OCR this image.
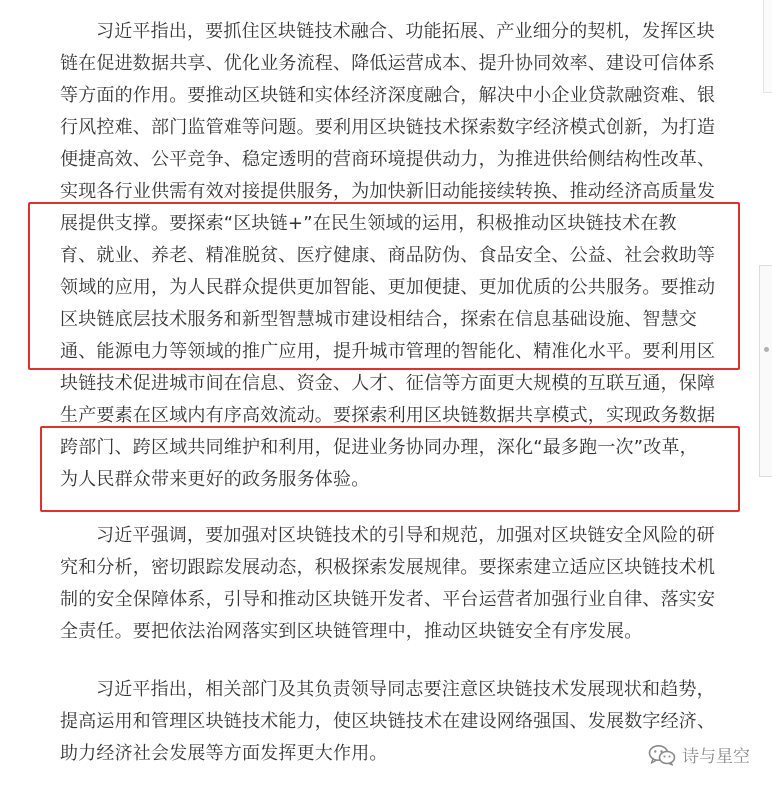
习近平指出，要抓住区块链技术融合、功能拓展、产业细分的契机，发挥区块
链在促进数据共享、优化业务流程、降低运营成本、提升协同效率、建设可信体系
等方面的作用。要推动区块链和实体经济深度融合，解决中小企业贷款融资难、银
行风控难、部门监管难等问题。要利用区块链技术探索数字经济模式创新，为打造
便捷高效、公平竞争、稳定透明的营商环境提供动力，为推进供给侧结构性改革、
实现各行业供需有效对接提供服务，为加快新旧动能接续转换、推动经济高质量发
展提供支撑。要探索“区块链+”在民生领域的运用，积极推动区块链技术在教
育、就业、养老、精准脱贫、医疗健康、商品防伪、食品安全、公益、社会救助等
领域的应用，为人民群众提供更加智能、更加便捷、更加优质的公共服务。要推动
区块链底层技术服务和新型智慧城市建设相结合，探索在信息基础设施、智慧交
通、能源电力等领域的推广应用，提升城市管理的智能化、精准化水平。要利用区
块链技术促进城市间在信息、资金、人才、征信等方面更大规模的互联互通，保障
生产要素在区域内有序高效流动。要探索利用区块链数据共享模式，实现政务数据
跨部门、跨区域共同维护和利用，促进业务协同办理，深化“最多跑一次”改革，
为人民群众带来更好的政务服务体验。
习近平强调，要加强对区块链技术的引导和规范，加强对区块链安全风险的研
究和分析，密切跟踪发展动态，积极探索发展规律。要探索建立适应区块链技术机
制的安全保障体系，引导和推动区块链开发者、平台运营者加强行业自律、落实安
全责任。要把依法治网落实到区块链管理中，推动区块链安全有序发展。
习近平指出，相关部门及其负责领导同志要注意区块链技术发展现状和趋势，
提高运用和管理区块链技术能力，使区块链技术在建设网络强国、发展数字经济、
助力经济社会发展等方面发挥更大作用。	诗与星空
